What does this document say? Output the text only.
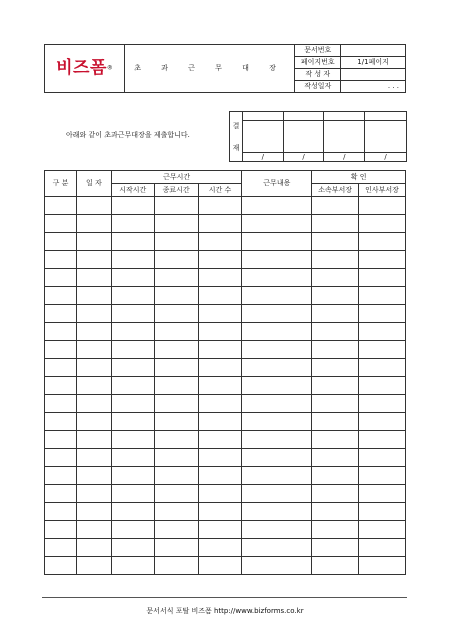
비즈폼®	초 과 근 무 대 장	문서번호	
		페이지번호	1/1페이지
		작 성 자	
		작성일자	. . .
아래와 같이 초과근무대장을 제출합니다.
결
재				

	/	/	/	/
구 분	일 자	근무시간			근무내용	확 인	
		시작시간	종료시간	시간 수		소속부서장	인사부서장

문서서식 포탈 비즈폼 http://www.bizforms.co.kr
